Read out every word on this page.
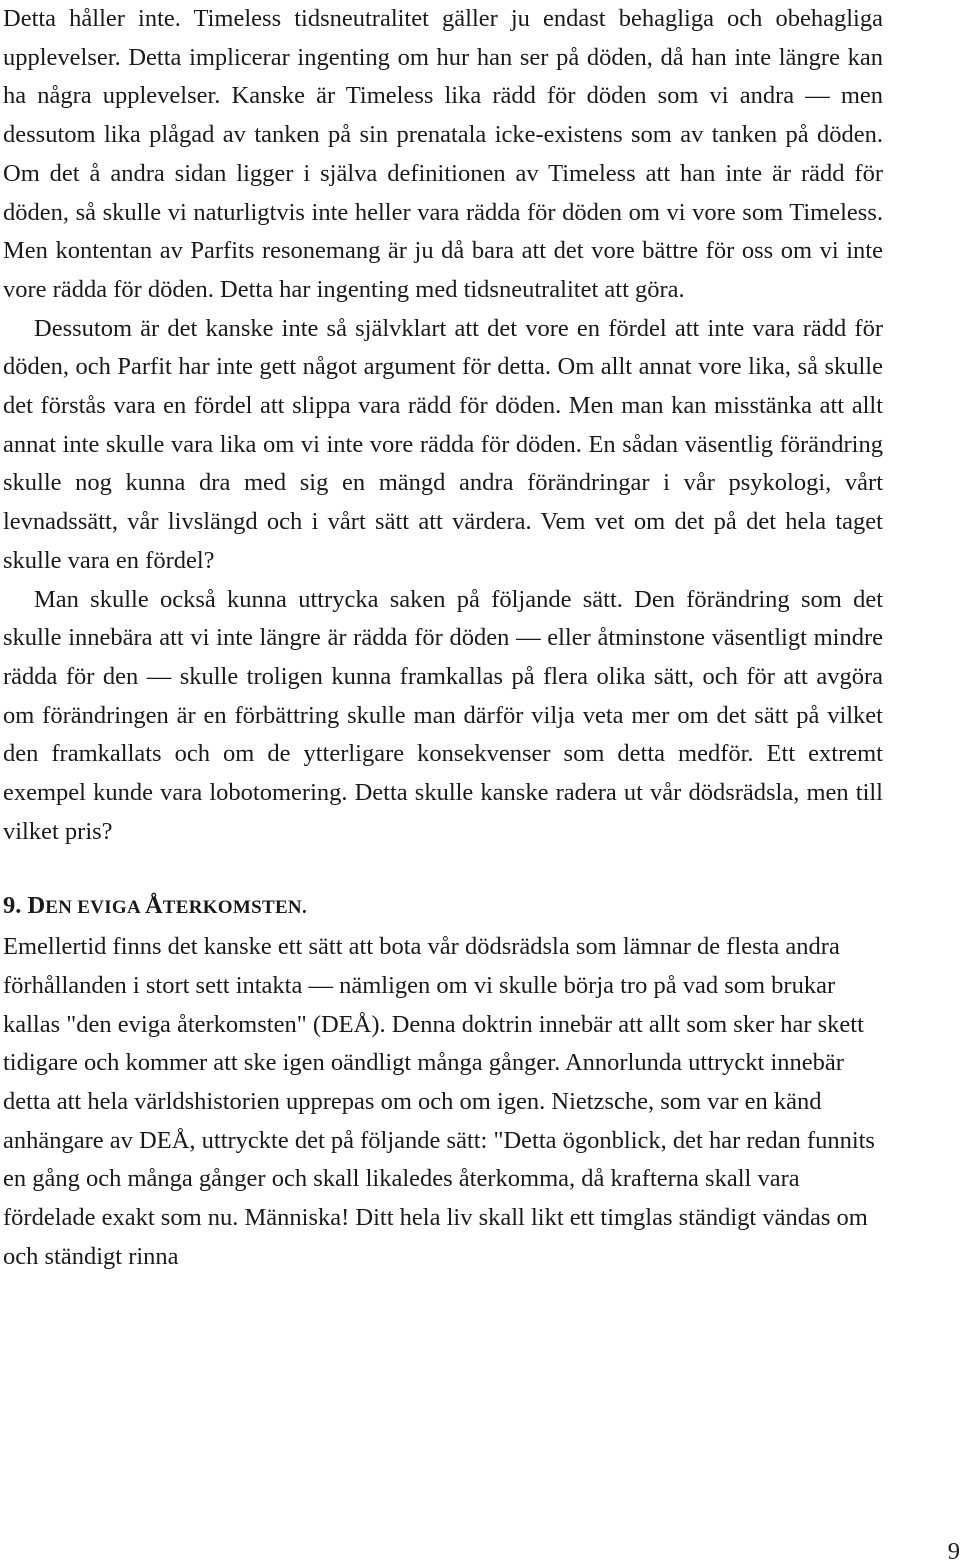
Detta håller inte. Timeless tidsneutralitet gäller ju endast behagliga och obehagliga upplevelser. Detta implicerar ingenting om hur han ser på döden, då han inte längre kan ha några upplevelser. Kanske är Timeless lika rädd för döden som vi andra — men dessutom lika plågad av tanken på sin prenatala icke-existens som av tanken på döden. Om det å andra sidan ligger i själva definitionen av Timeless att han inte är rädd för döden, så skulle vi naturligtvis inte heller vara rädda för döden om vi vore som Timeless. Men kontentan av Parfits resonemang är ju då bara att det vore bättre för oss om vi inte vore rädda för döden. Detta har ingenting med tidsneutralitet att göra.

Dessutom är det kanske inte så självklart att det vore en fördel att inte vara rädd för döden, och Parfit har inte gett något argument för detta. Om allt annat vore lika, så skulle det förstås vara en fördel att slippa vara rädd för döden. Men man kan misstänka att allt annat inte skulle vara lika om vi inte vore rädda för döden. En sådan väsentlig förändring skulle nog kunna dra med sig en mängd andra förändringar i vår psykologi, vårt levnadssätt, vår livslängd och i vårt sätt att värdera. Vem vet om det på det hela taget skulle vara en fördel?

Man skulle också kunna uttrycka saken på följande sätt. Den förändring som det skulle innebära att vi inte längre är rädda för döden — eller åtminstone väsentligt mindre rädda för den — skulle troligen kunna framkallas på flera olika sätt, och för att avgöra om förändringen är en förbättring skulle man därför vilja veta mer om det sätt på vilket den framkallats och om de ytterligare konsekvenser som detta medför. Ett extremt exempel kunde vara lobotomering. Detta skulle kanske radera ut vår dödsrädsla, men till vilket pris?

9. DEN EVIGA ÅTERKOMSTEN.

Emellertid finns det kanske ett sätt att bota vår dödsrädsla som lämnar de flesta andra förhållanden i stort sett intakta — nämligen om vi skulle börja tro på vad som brukar kallas "den eviga återkomsten" (DEÅ). Denna doktrin innebär att allt som sker har skett tidigare och kommer att ske igen oändligt många gånger. Annorlunda uttryckt innebär detta att hela världshistorien upprepas om och om igen. Nietzsche, som var en känd anhängare av DEÅ, uttryckte det på följande sätt: "Detta ögonblick, det har redan funnits en gång och många gånger och skall likaledes återkomma, då krafterna skall vara fördelade exakt som nu. Människa! Ditt hela liv skall likt ett timglas ständigt vändas om och ständigt rinna

9
